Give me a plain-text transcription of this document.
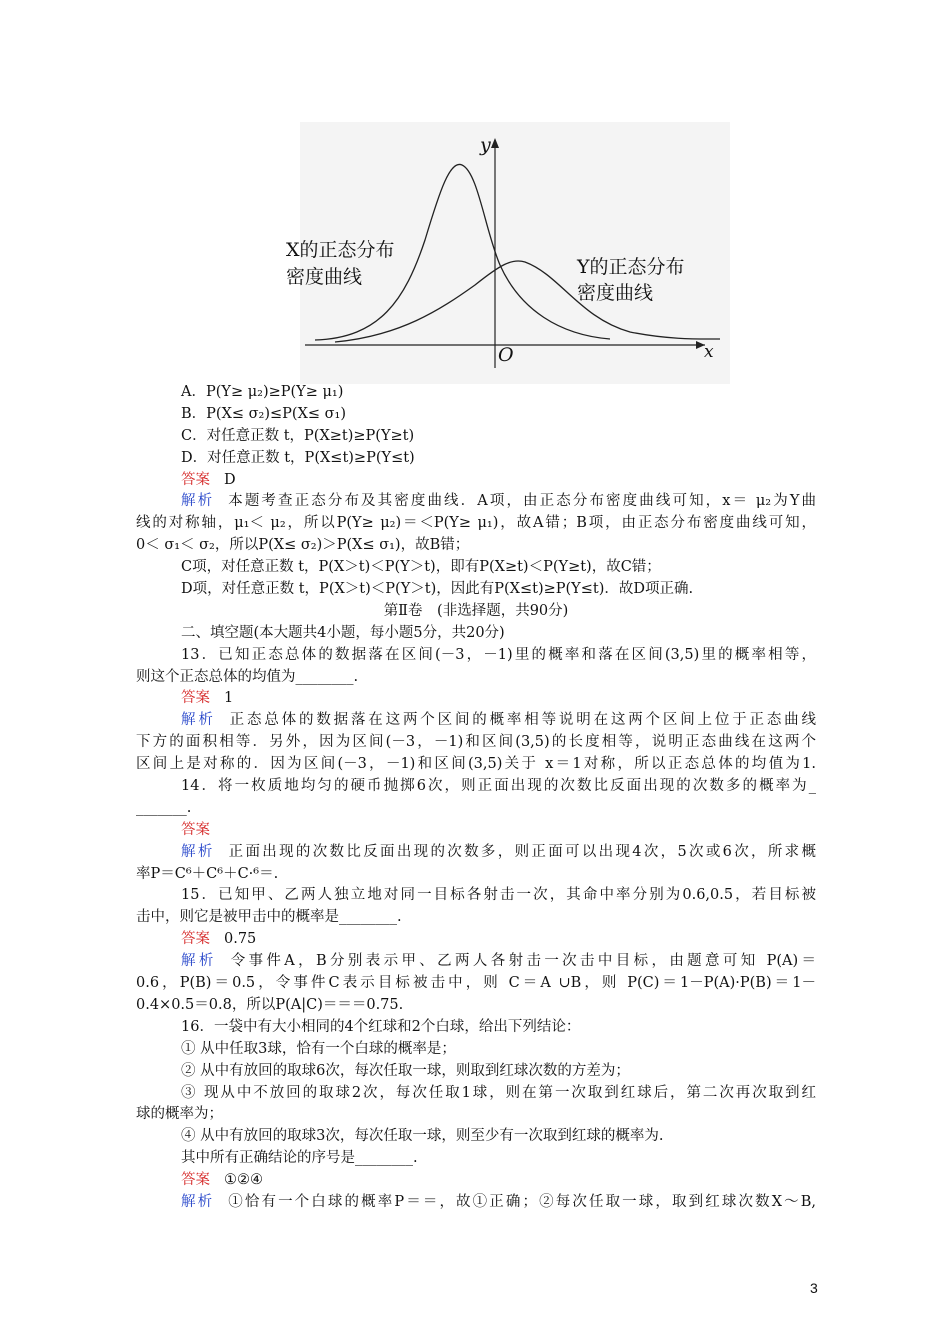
y
x
O
X的正态分布
密度曲线	Y的正态分布
密度曲线
A．P(Y≥ μ₂)≥P(Y≥ μ₁)
B．P(X≤ σ₂)≤P(X≤ σ₁)
C．对任意正数 t，P(X≥t)≥P(Y≥t)
D．对任意正数 t，P(X≤t)≥P(Y≤t)
答案 D
解析 本题考查正态分布及其密度曲线．A项，由正态分布密度曲线可知，x＝ μ₂为Y曲
线的对称轴，μ₁＜ μ₂，所以P(Y≥ μ₂)＝＜P(Y≥ μ₁)，故A错；B项，由正态分布密度曲线可知，
0＜ σ₁＜ σ₂，所以P(X≤ σ₂)＞P(X≤ σ₁)，故B错；
C项，对任意正数 t，P(X＞t)＜P(Y＞t)，即有P(X≥t)＜P(Y≥t)，故C错；
D项，对任意正数 t，P(X＞t)＜P(Y＞t)，因此有P(X≤t)≥P(Y≤t)．故D项正确.
第Ⅱ卷　(非选择题，共90分)
二、填空题(本大题共4小题，每小题5分，共20分)
13．已知正态总体的数据落在区间(－3，－1)里的概率和落在区间(3,5)里的概率相等，
则这个正态总体的均值为________.
答案 1
解析 正态总体的数据落在这两个区间的概率相等说明在这两个区间上位于正态曲线
下方的面积相等．另外，因为区间(－3，－1)和区间(3,5)的长度相等，说明正态曲线在这两个
区间上是对称的．因为区间(－3，－1)和区间(3,5)关于 x＝1对称，所以正态总体的均值为1.
14．将一枚质地均匀的硬币抛掷6次，则正面出现的次数比反面出现的次数多的概率为_
_______.
答案
解析 正面出现的次数比反面出现的次数多，则正面可以出现4次，5次或6次，所求概
率P＝C⁶＋C⁶＋C·⁶＝.
15．已知甲、乙两人独立地对同一目标各射击一次，其命中率分别为0.6,0.5，若目标被
击中，则它是被甲击中的概率是________.
答案 0.75
解析 令事件A，B分别表示甲、乙两人各射击一次击中目标，由题意可知 P(A)＝
0.6，P(B)＝0.5，令事件C表示目标被击中，则 C＝A ∪B，则 P(C)＝1－P(A)·P(B)＝1－
0.4×0.5＝0.8，所以P(A|C)＝＝＝0.75.
16．一袋中有大小相同的4个红球和2个白球，给出下列结论：
① 从中任取3球，恰有一个白球的概率是；
② 从中有放回的取球6次，每次任取一球，则取到红球次数的方差为；
③ 现从中不放回的取球2次，每次任取1球，则在第一次取到红球后，第二次再次取到红
球的概率为；
④ 从中有放回的取球3次，每次任取一球，则至少有一次取到红球的概率为.
其中所有正确结论的序号是________.
答案 ①②④
解析 ①恰有一个白球的概率P＝＝，故①正确；②每次任取一球，取到红球次数X～B,
3
